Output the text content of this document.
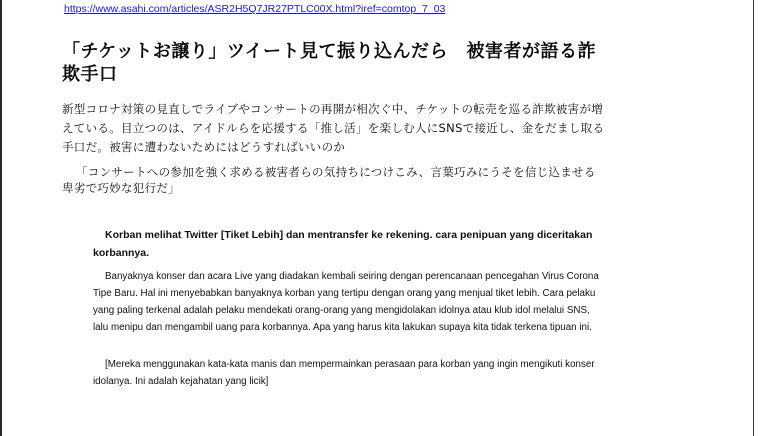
https://www.asahi.com/articles/ASR2H5Q7JR27PTLC00X.html?iref=comtop_7_03
「チケットお譲り」ツイート見て振り込んだら　被害者が語る詐欺手口

新型コロナ対策の見直しでライブやコンサートの再開が相次ぐ中、チケットの転売を巡る詐欺被害が増えている。目立つのは、アイドルらを応援する「推し活」を楽しむ人にSNSで接近し、金をだまし取る手口だ。被害に遭わないためにはどうすればいいのか

「コンサートへの参加を強く求める被害者らの気持ちにつけこみ、言葉巧みにうそを信じ込ませる卑劣で巧妙な犯行だ」

Korban melihat Twitter [Tiket Lebih] dan mentransfer ke rekening. cara penipuan yang diceritakan korbannya.

Banyaknya konser dan acara Live yang diadakan kembali seiring dengan perencanaan pencegahan Virus Corona Tipe Baru. Hal ini menyebabkan banyaknya korban yang tertipu dengan orang yang menjual tiket lebih. Cara pelaku yang paling terkenal adalah pelaku mendekati orang-orang yang mengidolakan idolnya atau klub idol melalui SNS, lalu menipu dan mengambil uang para korbannya. Apa yang harus kita lakukan supaya kita tidak terkena tipuan ini.

[Mereka menggunakan kata-kata manis dan mempermainkan perasaan para korban yang ingin mengikuti konser idolanya. Ini adalah kejahatan yang licik]
